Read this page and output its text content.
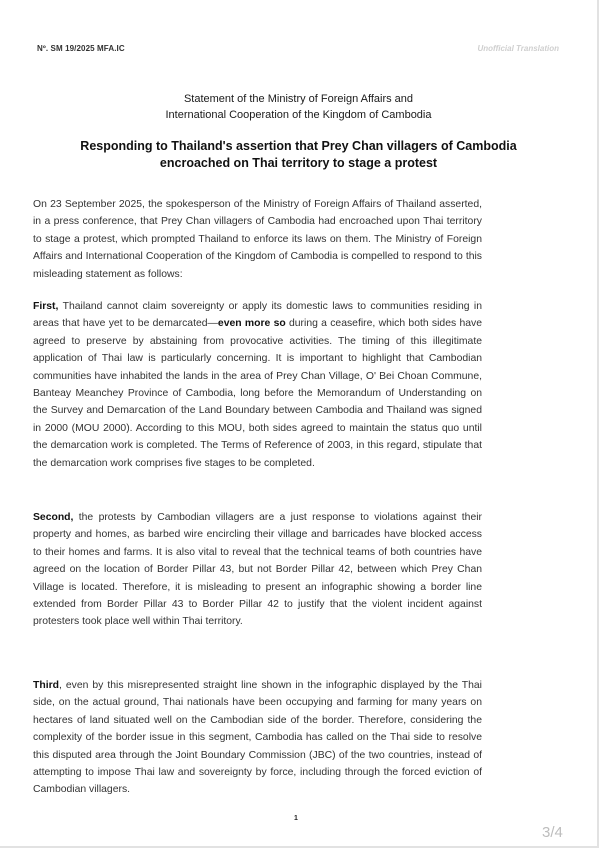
Nº. SM 19/2025 MFA.IC	Unofficial Translation
Statement of the Ministry of Foreign Affairs and
International Cooperation of the Kingdom of Cambodia
Responding to Thailand's assertion that Prey Chan villagers of Cambodia
encroached on Thai territory to stage a protest

On 23 September 2025, the spokesperson of the Ministry of Foreign Affairs of Thailand asserted, in a press conference, that Prey Chan villagers of Cambodia had encroached upon Thai territory to stage a protest, which prompted Thailand to enforce its laws on them. The Ministry of Foreign Affairs and International Cooperation of the Kingdom of Cambodia is compelled to respond to this misleading statement as follows:

First, Thailand cannot claim sovereignty or apply its domestic laws to communities residing in areas that have yet to be demarcated—even more so during a ceasefire, which both sides have agreed to preserve by abstaining from provocative activities. The timing of this illegitimate application of Thai law is particularly concerning. It is important to highlight that Cambodian communities have inhabited the lands in the area of Prey Chan Village, O' Bei Choan Commune, Banteay Meanchey Province of Cambodia, long before the Memorandum of Understanding on the Survey and Demarcation of the Land Boundary between Cambodia and Thailand was signed in 2000 (MOU 2000). According to this MOU, both sides agreed to maintain the status quo until the demarcation work is completed. The Terms of Reference of 2003, in this regard, stipulate that the demarcation work comprises five stages to be completed.

Second, the protests by Cambodian villagers are a just response to violations against their property and homes, as barbed wire encircling their village and barricades have blocked access to their homes and farms. It is also vital to reveal that the technical teams of both countries have agreed on the location of Border Pillar 43, but not Border Pillar 42, between which Prey Chan Village is located. Therefore, it is misleading to present an infographic showing a border line extended from Border Pillar 43 to Border Pillar 42 to justify that the violent incident against protesters took place well within Thai territory.

Third, even by this misrepresented straight line shown in the infographic displayed by the Thai side, on the actual ground, Thai nationals have been occupying and farming for many years on hectares of land situated well on the Cambodian side of the border. Therefore, considering the complexity of the border issue in this segment, Cambodia has called on the Thai side to resolve this disputed area through the Joint Boundary Commission (JBC) of the two countries, instead of attempting to impose Thai law and sovereignty by force, including through the forced eviction of Cambodian villagers.

1
3/4
